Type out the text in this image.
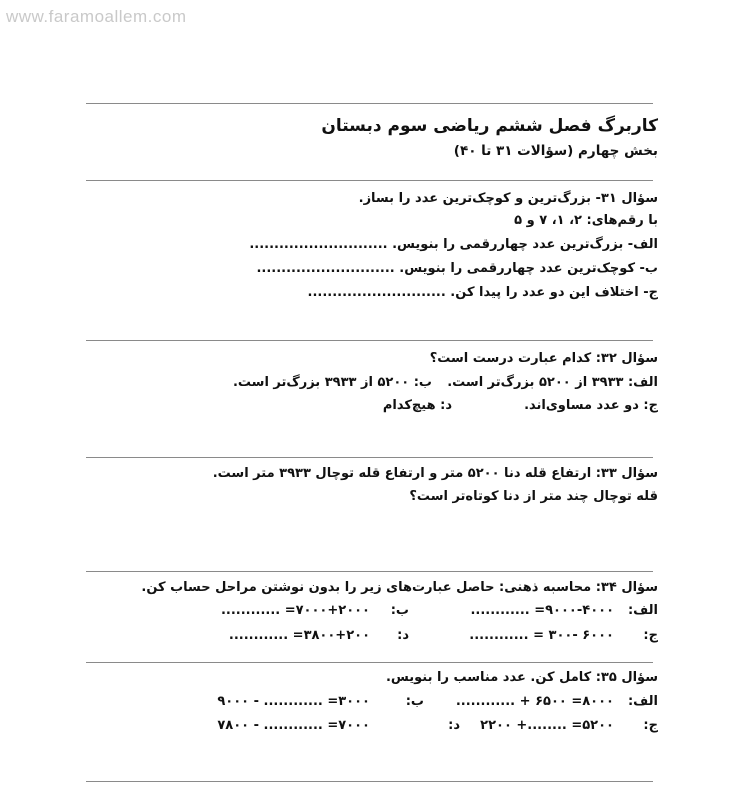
www.faramoallem.com
کاربرگ فصل ششم ریاضی سوم دبستان
بخش چهارم (سؤالات ۳۱ تا ۴۰)
سؤال ۳۱- بزرگ‌ترین و کوچک‌ترین عدد را بساز.
با رقم‌های: ۲، ۱، ۷ و ۵
الف- بزرگ‌ترین عدد چهاررقمی را بنویس. ............................
ب- کوچک‌ترین عدد چهاررقمی را بنویس. ............................
ج- اختلاف این دو عدد را پیدا کن. ............................
سؤال ۳۲: کدام عبارت درست است؟
الف: ۳۹۳۳ از ۵۲۰۰ بزرگ‌تر است.
ب: ۵۲۰۰ از ۳۹۳۳ بزرگ‌تر است.
ج: دو عدد مساوی‌اند.
د: هیچ‌کدام
سؤال ۳۳: ارتفاع قله دنا ۵۲۰۰ متر و ارتفاع قله توچال ۳۹۳۳ متر است.
قله توچال چند متر از دنا کوتاه‌تر است؟
سؤال ۳۴: محاسبه ذهنی: حاصل عبارت‌های زیر را بدون نوشتن مراحل حساب کن.
الف:
۹۰۰۰-۴۰۰۰= ............
ب:
۷۰۰۰+۲۰۰۰= ............
ج:
۶۰۰۰ -۳۰۰ = ............
د:
۳۸۰۰+۲۰۰= ............
سؤال ۳۵: کامل کن. عدد مناسب را بنویس.
الف:
۸۰۰۰= ۶۵۰۰ + ............
ب:
۳۰۰۰= ............ - ۹۰۰۰
ج:
۵۲۰۰= ........+ ۲۲۰۰
د:
۷۰۰۰= ............ - ۷۸۰۰
